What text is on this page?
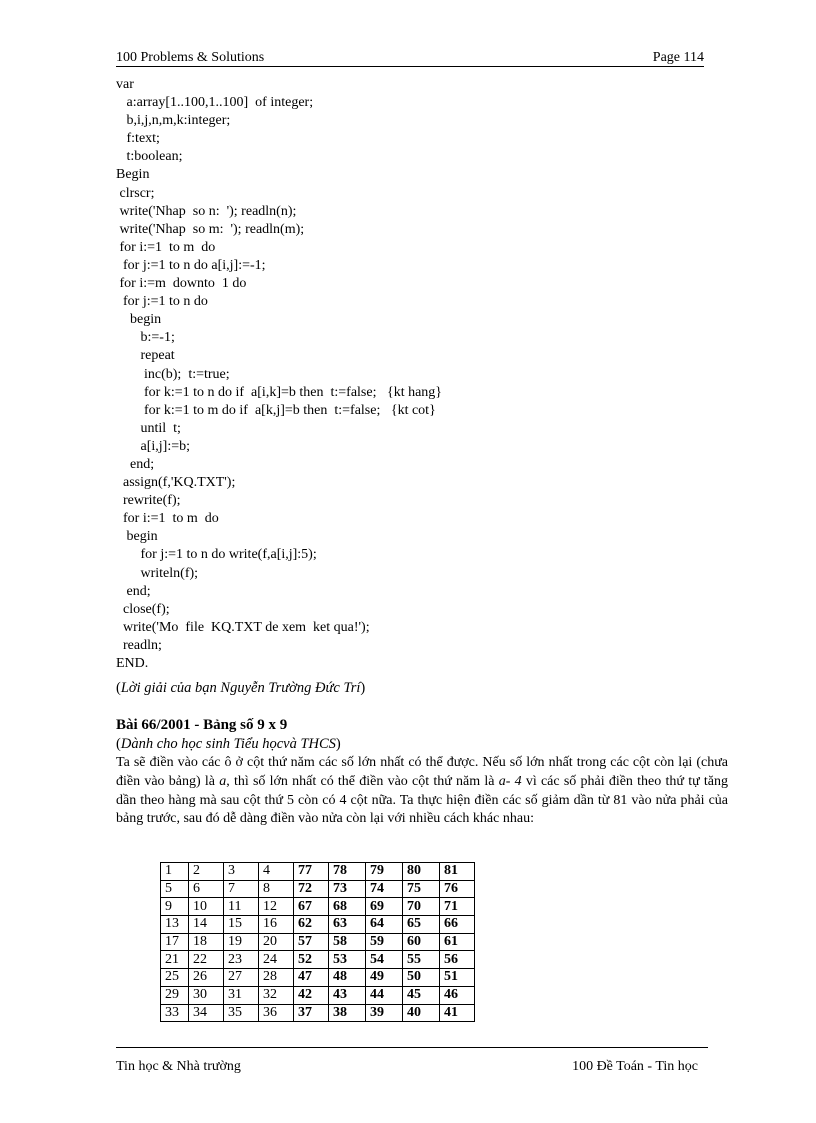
100 Problems & Solutions	Page 114
var
a:array[1..100,1..100]  of integer;
b,i,j,n,m,k:integer;
f:text;
t:boolean;
Begin
clrscr;
write('Nhap  so n:  '); readln(n);
write('Nhap  so m:  '); readln(m);
for i:=1  to m  do
for j:=1 to n do a[i,j]:=-1;
for i:=m  downto  1 do
for j:=1 to n do
begin
b:=-1;
repeat
inc(b);  t:=true;
for k:=1 to n do if  a[i,k]=b then  t:=false;   {kt hang}
for k:=1 to m do if  a[k,j]=b then  t:=false;   {kt cot}
until  t;
a[i,j]:=b;
end;
assign(f,'KQ.TXT');
rewrite(f);
for i:=1  to m  do
begin
for j:=1 to n do write(f,a[i,j]:5);
writeln(f);
end;
close(f);
write('Mo  file  KQ.TXT de xem  ket qua!');
readln;
END.
(Lời giải của bạn Nguyễn Trường Đức Trí)
Bài 66/2001 - Bảng số 9 x 9
(Dành cho học sinh Tiểu họcvà THCS)
Ta sẽ điền vào các ô ở cột thứ năm các số lớn nhất có thể được. Nếu số lớn nhất trong các cột còn lại (chưa điền vào bảng) là a, thì số lớn nhất có thể điền vào cột thứ năm là a- 4 vì các số phải điền theo thứ tự tăng dần theo hàng mà sau cột thứ 5 còn có 4 cột nữa. Ta thực hiện điền các số giảm dần từ 81 vào nửa phải của bảng trước, sau đó dễ dàng điền vào nửa còn lại với nhiều cách khác nhau:
1	2	3	4	77	78	79	80	81
5	6	7	8	72	73	74	75	76
9	10	11	12	67	68	69	70	71
13	14	15	16	62	63	64	65	66
17	18	19	20	57	58	59	60	61
21	22	23	24	52	53	54	55	56
25	26	27	28	47	48	49	50	51
29	30	31	32	42	43	44	45	46
33	34	35	36	37	38	39	40	41
Tin học & Nhà trường	100 Đề Toán - Tin học
